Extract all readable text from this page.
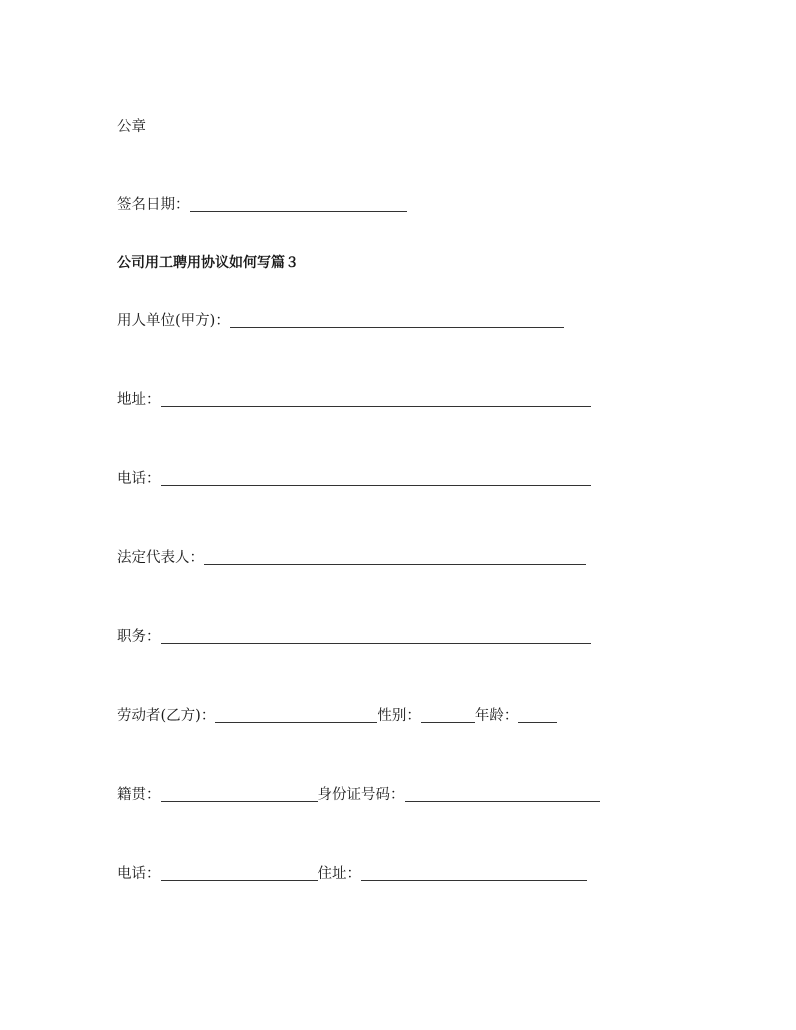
公章
签名日期：
公司用工聘用协议如何写篇３
用人单位(甲方)：
地址：
电话：
法定代表人：
职务：
劳动者(乙方)：	性别：	年龄：
籍贯：	身份证号码：
电话：	住址：
